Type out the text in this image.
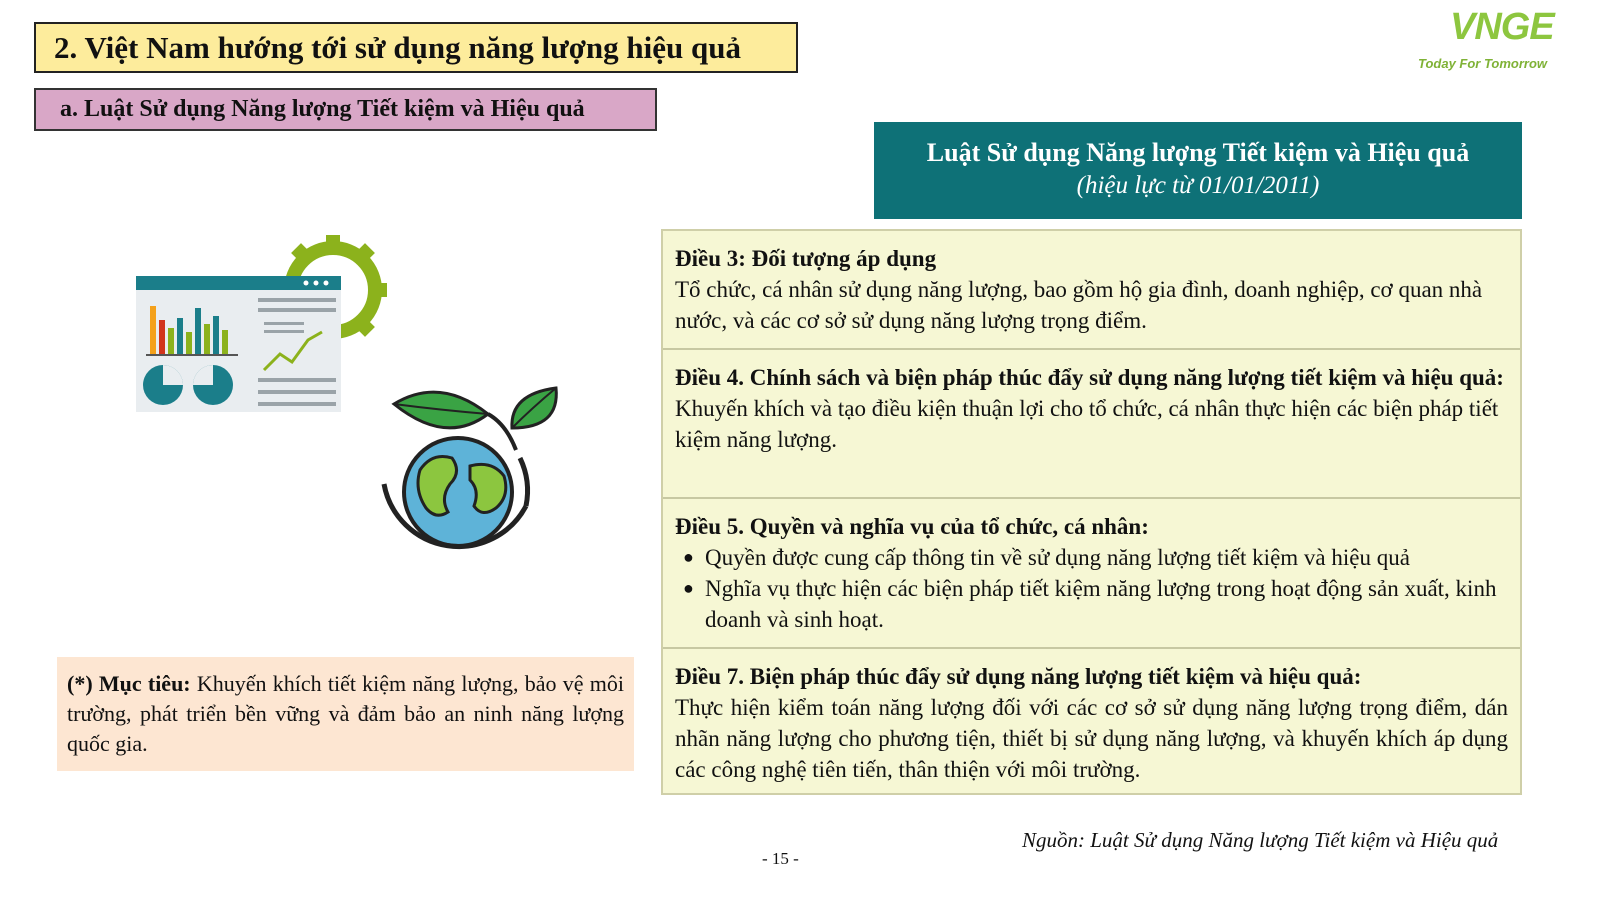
2. Việt Nam hướng tới sử dụng năng lượng hiệu quả
a. Luật Sử dụng Năng lượng Tiết kiệm và Hiệu quả
VNGE
Today For Tomorrow
Luật Sử dụng Năng lượng Tiết kiệm và Hiệu quả
(hiệu lực từ 01/01/2011)
Điều 3: Đối tượng áp dụng
Tổ chức, cá nhân sử dụng năng lượng, bao gồm hộ gia đình, doanh nghiệp, cơ quan nhà nước, và các cơ sở sử dụng năng lượng trọng điểm.
Điều 4. Chính sách và biện pháp thúc đẩy sử dụng năng lượng tiết kiệm và hiệu quả:
Khuyến khích và tạo điều kiện thuận lợi cho tổ chức, cá nhân thực hiện các biện pháp tiết kiệm năng lượng.
Điều 5. Quyền và nghĩa vụ của tổ chức, cá nhân:
● Quyền được cung cấp thông tin về sử dụng năng lượng tiết kiệm và hiệu quả
● Nghĩa vụ thực hiện các biện pháp tiết kiệm năng lượng trong hoạt động sản xuất, kinh doanh và sinh hoạt.
Điều 7. Biện pháp thúc đẩy sử dụng năng lượng tiết kiệm và hiệu quả:
Thực hiện kiểm toán năng lượng đối với các cơ sở sử dụng năng lượng trọng điểm, dán nhãn năng lượng cho phương tiện, thiết bị sử dụng năng lượng, và khuyến khích áp dụng các công nghệ tiên tiến, thân thiện với môi trường.
(*) Mục tiêu: Khuyến khích tiết kiệm năng lượng, bảo vệ môi trường, phát triển bền vững và đảm bảo an ninh năng lượng quốc gia.
Nguồn: Luật Sử dụng Năng lượng Tiết kiệm và Hiệu quả
- 15 -
